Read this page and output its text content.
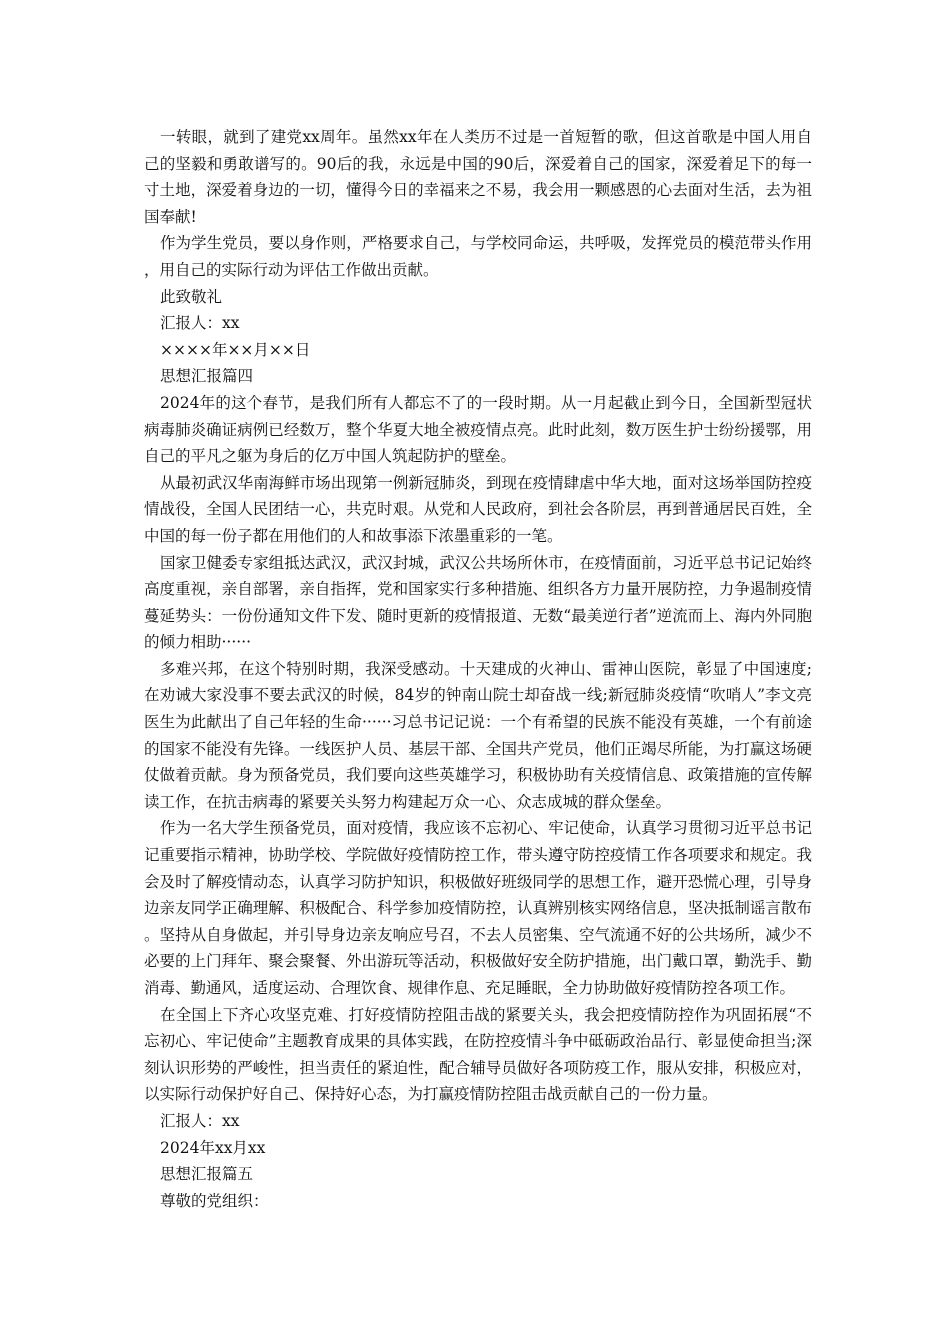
一转眼，就到了建党xx周年。虽然xx年在人类历不过是一首短暂的歌，但这首歌是中国人用自己的坚毅和勇敢谱写的。90后的我，永远是中国的90后，深爱着自己的国家，深爱着足下的每一寸土地，深爱着身边的一切，懂得今日的幸福来之不易，我会用一颗感恩的心去面对生活，去为祖国奉献!

作为学生党员，要以身作则，严格要求自己，与学校同命运，共呼吸，发挥党员的模范带头作用，用自己的实际行动为评估工作做出贡献。

此致敬礼

汇报人：xx

××××年××月××日

思想汇报篇四

2024年的这个春节，是我们所有人都忘不了的一段时期。从一月起截止到今日，全国新型冠状病毒肺炎确证病例已经数万，整个华夏大地全被疫情点亮。此时此刻，数万医生护士纷纷援鄂，用自己的平凡之躯为身后的亿万中国人筑起防护的壁垒。

从最初武汉华南海鲜市场出现第一例新冠肺炎，到现在疫情肆虐中华大地，面对这场举国防控疫情战役，全国人民团结一心，共克时艰。从党和人民政府，到社会各阶层，再到普通居民百姓，全中国的每一份子都在用他们的人和故事添下浓墨重彩的一笔。

国家卫健委专家组抵达武汉，武汉封城，武汉公共场所休市，在疫情面前，习近平总书记记始终高度重视，亲自部署，亲自指挥，党和国家实行多种措施、组织各方力量开展防控，力争遏制疫情蔓延势头：一份份通知文件下发、随时更新的疫情报道、无数“最美逆行者”逆流而上、海内外同胞的倾力相助······

多难兴邦，在这个特别时期，我深受感动。十天建成的火神山、雷神山医院，彰显了中国速度;在劝诫大家没事不要去武汉的时候，84岁的钟南山院士却奋战一线;新冠肺炎疫情“吹哨人”李文亮医生为此献出了自己年轻的生命······习总书记记说：一个有希望的民族不能没有英雄，一个有前途的国家不能没有先锋。一线医护人员、基层干部、全国共产党员，他们正竭尽所能，为打赢这场硬仗做着贡献。身为预备党员，我们要向这些英雄学习，积极协助有关疫情信息、政策措施的宣传解读工作，在抗击病毒的紧要关头努力构建起万众一心、众志成城的群众堡垒。

作为一名大学生预备党员，面对疫情，我应该不忘初心、牢记使命，认真学习贯彻习近平总书记记重要指示精神，协助学校、学院做好疫情防控工作，带头遵守防控疫情工作各项要求和规定。我会及时了解疫情动态，认真学习防护知识，积极做好班级同学的思想工作，避开恐慌心理，引导身边亲友同学正确理解、积极配合、科学参加疫情防控，认真辨别核实网络信息，坚决抵制谣言散布。坚持从自身做起，并引导身边亲友响应号召，不去人员密集、空气流通不好的公共场所，减少不必要的上门拜年、聚会聚餐、外出游玩等活动，积极做好安全防护措施，出门戴口罩，勤洗手、勤消毒、勤通风，适度运动、合理饮食、规律作息、充足睡眠，全力协助做好疫情防控各项工作。

在全国上下齐心攻坚克难、打好疫情防控阻击战的紧要关头，我会把疫情防控作为巩固拓展“不忘初心、牢记使命”主题教育成果的具体实践，在防控疫情斗争中砥砺政治品行、彰显使命担当;深刻认识形势的严峻性，担当责任的紧迫性，配合辅导员做好各项防疫工作，服从安排，积极应对，以实际行动保护好自己、保持好心态，为打赢疫情防控阻击战贡献自己的一份力量。

汇报人：xx

2024年xx月xx

思想汇报篇五

尊敬的党组织：
